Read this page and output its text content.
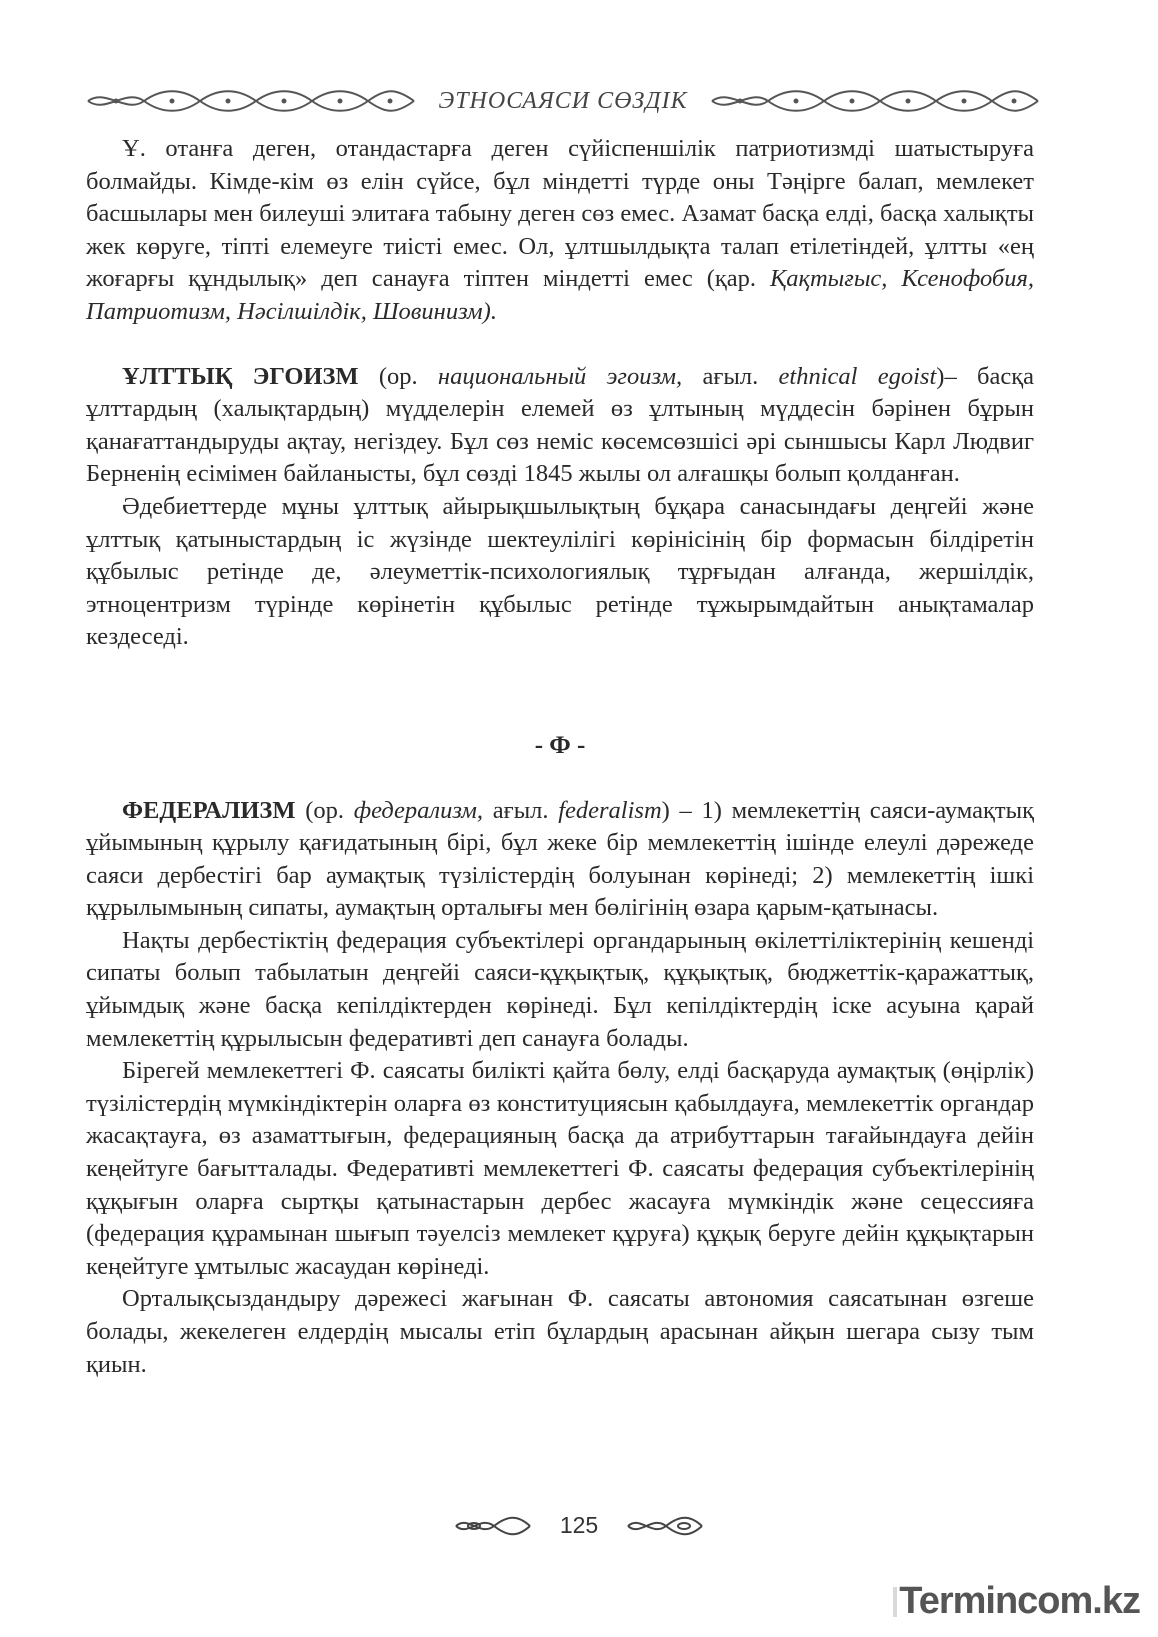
ЭТНОСАЯСИ СӨЗДІК

Ұ. отанға деген, отандастарға деген сүйіспеншілік патриотизмді шатыстыруға болмайды. Кімде-кім өз елін сүйсе, бұл міндетті түрде оны Тәңірге балап, мемлекет басшылары мен билеуші элитаға табыну деген сөз емес. Азамат басқа елді, басқа халықты жек көруге, тіпті елемеуге тиісті емес. Ол, ұлтшылдықта талап етілетіндей, ұлтты «ең жоғарғы құндылық» деп санауға тіптен міндетті емес (қар. Қақтығыс, Ксенофобия, Патриотизм, Нәсілшілдік, Шовинизм).

ҰЛТТЫҚ ЭГОИЗМ (ор. национальный эгоизм, ағыл. ethnical egoist)– басқа ұлттардың (халықтардың) мүдделерін елемей өз ұлтының мүддесін бәрінен бұрын қанағаттандыруды ақтау, негіздеу. Бұл сөз неміс көсемсөзшісі әрі сыншысы Карл Людвиг Берненің есімімен байланысты, бұл сөзді 1845 жылы ол алғашқы болып қолданған.

Әдебиеттерде мұны ұлттық айырықшылықтың бұқара санасындағы деңгейі және ұлттық қатыныстардың іс жүзінде шектеулілігі көрінісінің бір формасын білдіретін құбылыс ретінде де, әлеуметтік-психологиялық тұрғыдан алғанда, жершілдік, этноцентризм түрінде көрінетін құбылыс ретінде тұжырымдайтын анықтамалар кездеседі.

- Ф -

ФЕДЕРАЛИЗМ (ор. федерализм, ағыл. federalism) – 1) мемлекеттің саяси-аумақтық ұйымының құрылу қағидатының бірі, бұл жеке бір мемлекеттің ішінде елеулі дәрежеде саяси дербестігі бар аумақтық түзілістердің болуынан көрінеді; 2) мемлекеттің ішкі құрылымының сипаты, аумақтың орталығы мен бөлігінің өзара қарым-қатынасы.

Нақты дербестіктің федерация субъектілері органдарының өкілеттіліктерінің кешенді сипаты болып табылатын деңгейі саяси-құқықтық, құқықтық, бюджеттік-қаражаттық, ұйымдық және басқа кепілдіктерден көрінеді. Бұл кепілдіктердің іске асуына қарай мемлекеттің құрылысын федеративті деп санауға болады.

Бірегей мемлекеттегі Ф. саясаты билікті қайта бөлу, елді басқаруда аумақтық (өңірлік) түзілістердің мүмкіндіктерін оларға өз конституциясын қабылдауға, мемлекеттік органдар жасақтауға, өз азаматтығын, федерацияның басқа да атрибуттарын тағайындауға дейін кеңейтуге бағытталады. Федеративті мемлекеттегі Ф. саясаты федерация субъектілерінің құқығын оларға сыртқы қатынастарын дербес жасауға мүмкіндік және сецессияға (федерация құрамынан шығып тәуелсіз мемлекет құруға) құқық беруге дейін құқықтарын кеңейтуге ұмтылыс жасаудан көрінеді.

Орталықсыздандыру дәрежесі жағынан Ф. саясаты автономия саясатынан өзгеше болады, жекелеген елдердің мысалы етіп бұлардың арасынан айқын шегара сызу тым қиын.

125
Terminсom.kz
